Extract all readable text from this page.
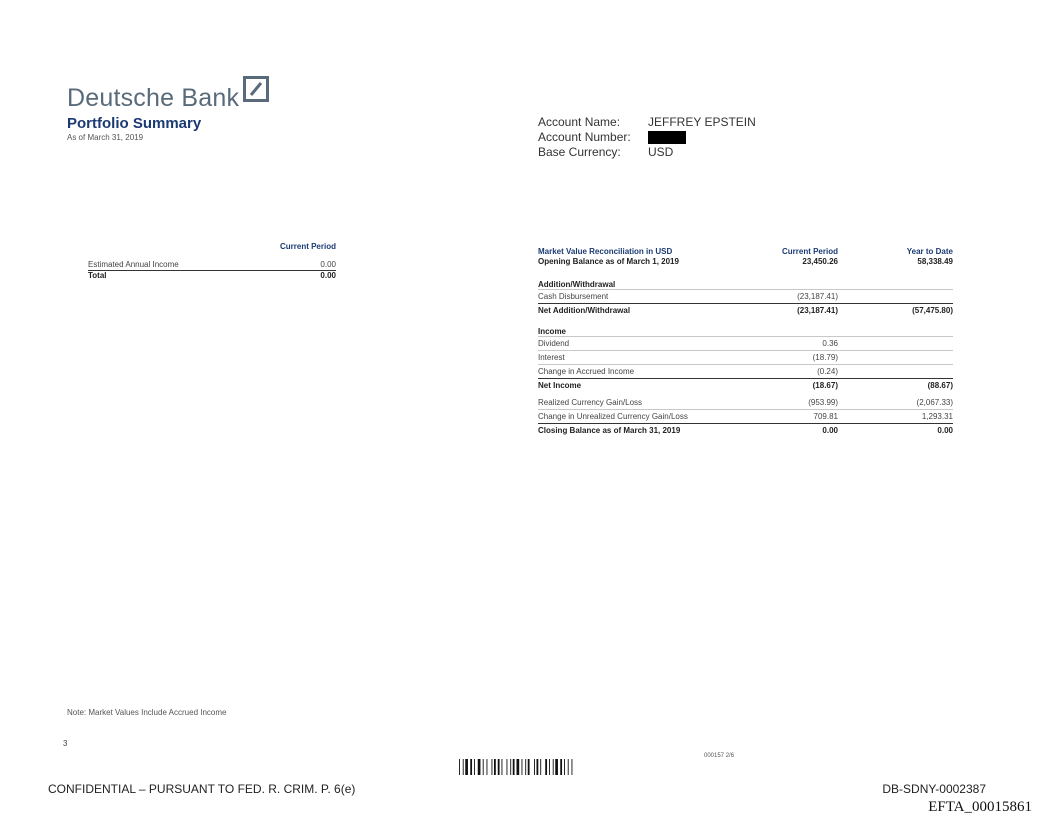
Deutsche Bank
Portfolio Summary
As of March 31, 2019
Account Name:	JEFFREY EPSTEIN
Account Number:
Base Currency:	USD
Current Period
Estimated Annual Income	0.00
Total	0.00
Market Value Reconciliation in USD	Current Period	Year to Date
Opening Balance as of March 1, 2019	23,450.26	58,338.49
Addition/Withdrawal
Cash Disbursement	(23,187.41)
Net Addition/Withdrawal	(23,187.41)	(57,475.80)
Income
Dividend	0.36
Interest	(18.79)
Change in Accrued Income	(0.24)
Net Income	(18.67)	(88.67)
Realized Currency Gain/Loss	(953.99)	(2,067.33)
Change in Unrealized Currency Gain/Loss	709.81	1,293.31
Closing Balance as of March 31, 2019	0.00	0.00
Note: Market Values Include Accrued Income
3
000157 2/6
CONFIDENTIAL – PURSUANT TO FED. R. CRIM. P. 6(e)	DB-SDNY-0002387
EFTA_00015861
